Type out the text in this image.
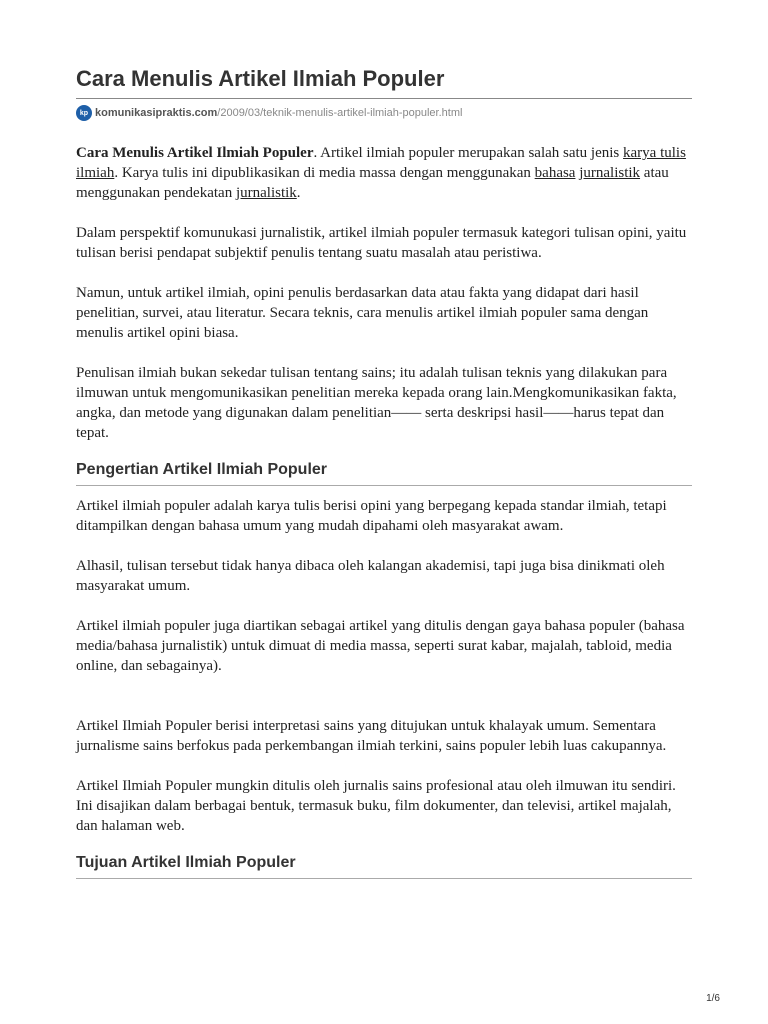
Cara Menulis Artikel Ilmiah Populer
kp komunikasipraktis.com/2009/03/teknik-menulis-artikel-ilmiah-populer.html

Cara Menulis Artikel Ilmiah Populer. Artikel ilmiah populer merupakan salah satu jenis karya tulis ilmiah. Karya tulis ini dipublikasikan di media massa dengan menggunakan bahasa jurnalistik atau menggunakan pendekatan jurnalistik.

Dalam perspektif komunukasi jurnalistik, artikel ilmiah populer termasuk kategori tulisan opini, yaitu tulisan berisi pendapat subjektif penulis tentang suatu masalah atau peristiwa.

Namun, untuk artikel ilmiah, opini penulis berdasarkan data atau fakta yang didapat dari hasil penelitian, survei, atau literatur. Secara teknis, cara menulis artikel ilmiah populer sama dengan menulis artikel opini biasa.

Penulisan ilmiah bukan sekedar tulisan tentang sains; itu adalah tulisan teknis yang dilakukan para ilmuwan untuk mengomunikasikan penelitian mereka kepada orang lain.Mengkomunikasikan fakta, angka, dan metode yang digunakan dalam penelitian—— serta deskripsi hasil——harus tepat dan tepat.

Pengertian Artikel Ilmiah Populer

Artikel ilmiah populer adalah karya tulis berisi opini yang berpegang kepada standar ilmiah, tetapi ditampilkan dengan bahasa umum yang mudah dipahami oleh masyarakat awam.

Alhasil, tulisan tersebut tidak hanya dibaca oleh kalangan akademisi, tapi juga bisa dinikmati oleh masyarakat umum.

Artikel ilmiah populer juga diartikan sebagai artikel yang ditulis dengan gaya bahasa populer (bahasa media/bahasa jurnalistik) untuk dimuat di media massa, seperti surat kabar, majalah, tabloid, media online, dan sebagainya).

Artikel Ilmiah Populer berisi interpretasi sains yang ditujukan untuk khalayak umum. Sementara jurnalisme sains berfokus pada perkembangan ilmiah terkini, sains populer lebih luas cakupannya.

Artikel Ilmiah Populer mungkin ditulis oleh jurnalis sains profesional atau oleh ilmuwan itu sendiri. Ini disajikan dalam berbagai bentuk, termasuk buku, film dokumenter, dan televisi, artikel majalah, dan halaman web.

Tujuan Artikel Ilmiah Populer
1/6
